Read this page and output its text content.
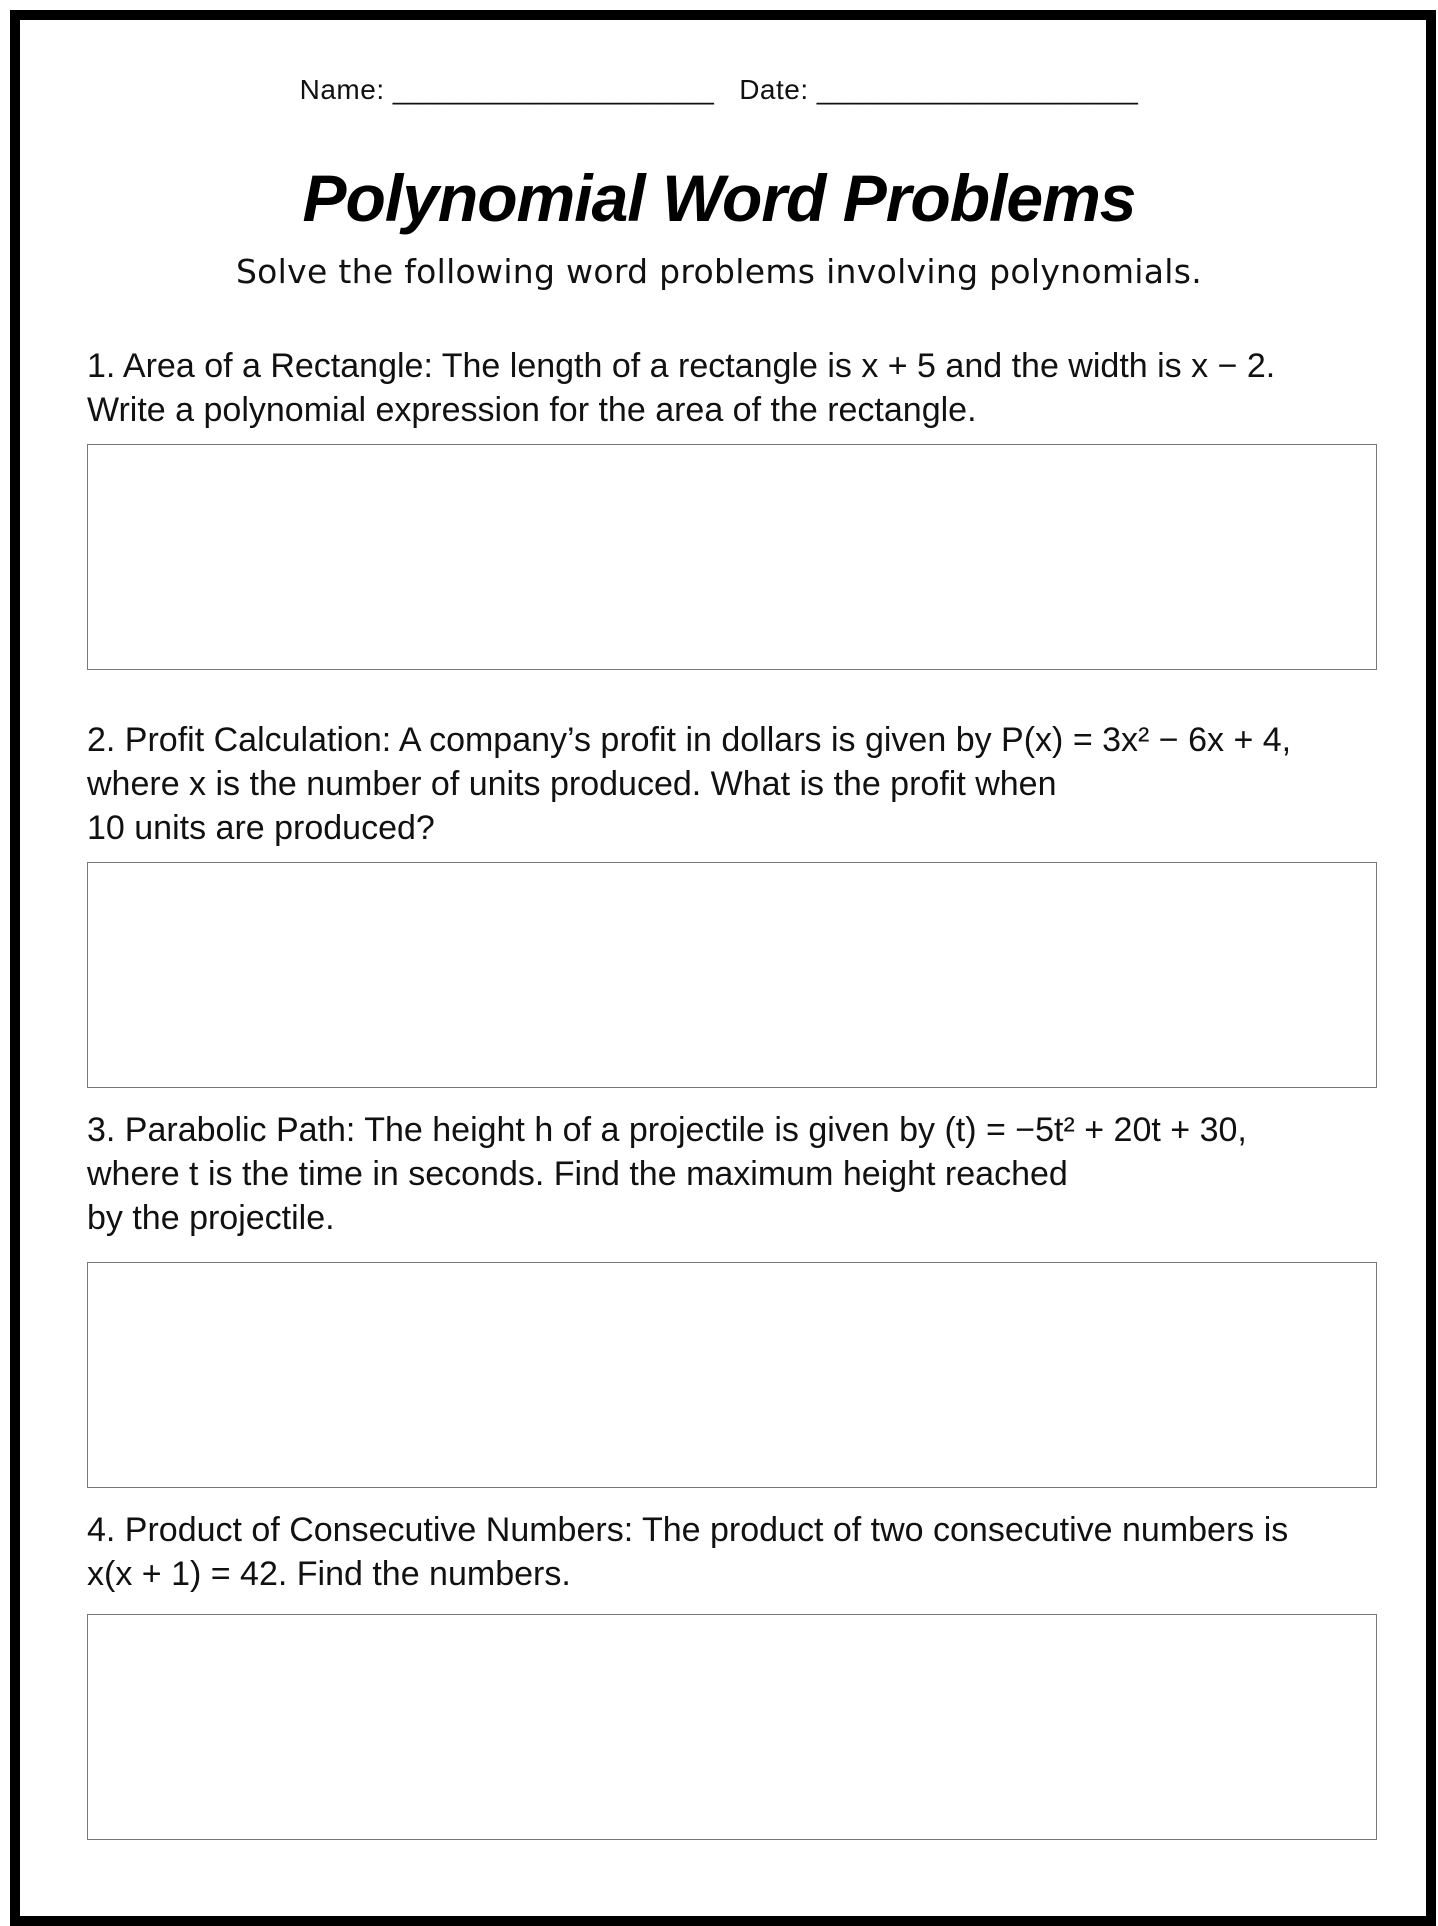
Name: ____________________ Date: ____________________
Polynomial Word Problems
Solve the following word problems involving polynomials.
1. Area of a Rectangle: The length of a rectangle is x + 5 and the width is x − 2.
Write a polynomial expression for the area of the rectangle.
2. Profit Calculation: A company’s profit in dollars is given by P(x) = 3x² − 6x + 4,
where x is the number of units produced. What is the profit when
10 units are produced?
3. Parabolic Path: The height h of a projectile is given by (t) = −5t² + 20t + 30,
where t is the time in seconds. Find the maximum height reached
by the projectile.
4. Product of Consecutive Numbers: The product of two consecutive numbers is
x(x + 1) = 42. Find the numbers.
